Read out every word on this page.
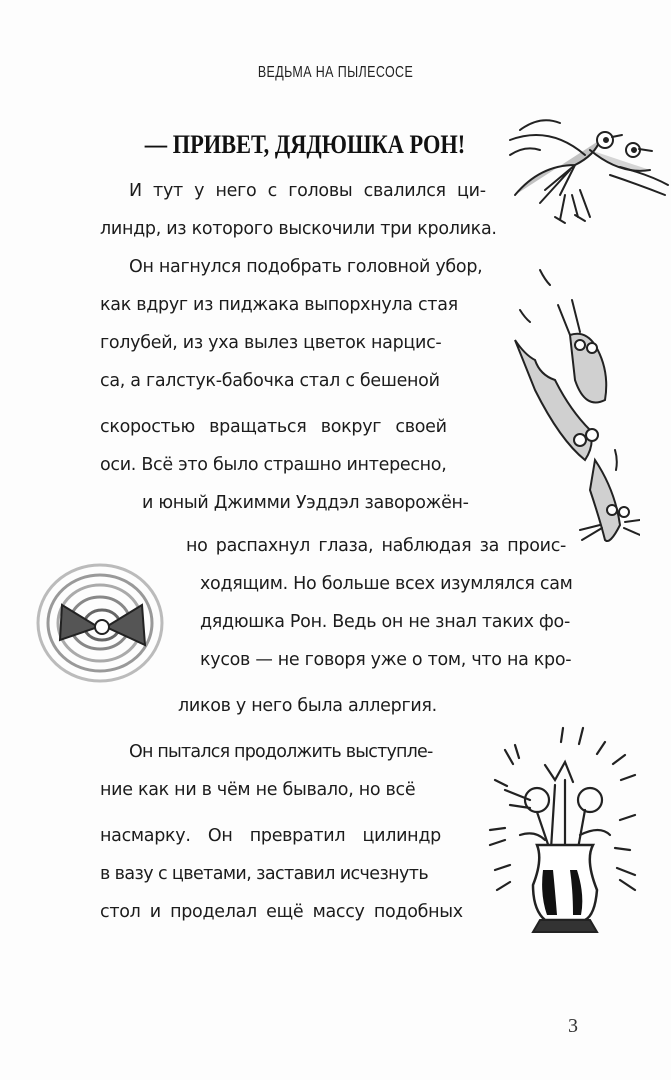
ВЕДЬМА НА ПЫЛЕСОСЕ
— ПРИВЕТ, ДЯДЮШКА РОН!
И тут у него с головы свалился ци-
линдр, из которого выскочили три кролика.
Он нагнулся подобрать головной убор,
как вдруг из пиджака выпорхнула стая
голубей, из уха вылез цветок нарцис-
са, а галстук-бабочка стал с бешеной
скоростью вращаться вокруг своей
оси. Всё это было страшно интересно,
и юный Джимми Уэддэл заворожён-
но распахнул глаза, наблюдая за проис-
ходящим. Но больше всех изумлялся сам
дядюшка Рон. Ведь он не знал таких фо-
кусов — не говоря уже о том, что на кро-
ликов у него была аллергия.
Он пытался продолжить выступле-
ние как ни в чём не бывало, но всё
насмарку. Он превратил цилиндр
в вазу с цветами, заставил исчезнуть
стол и проделал ещё массу подобных
3
